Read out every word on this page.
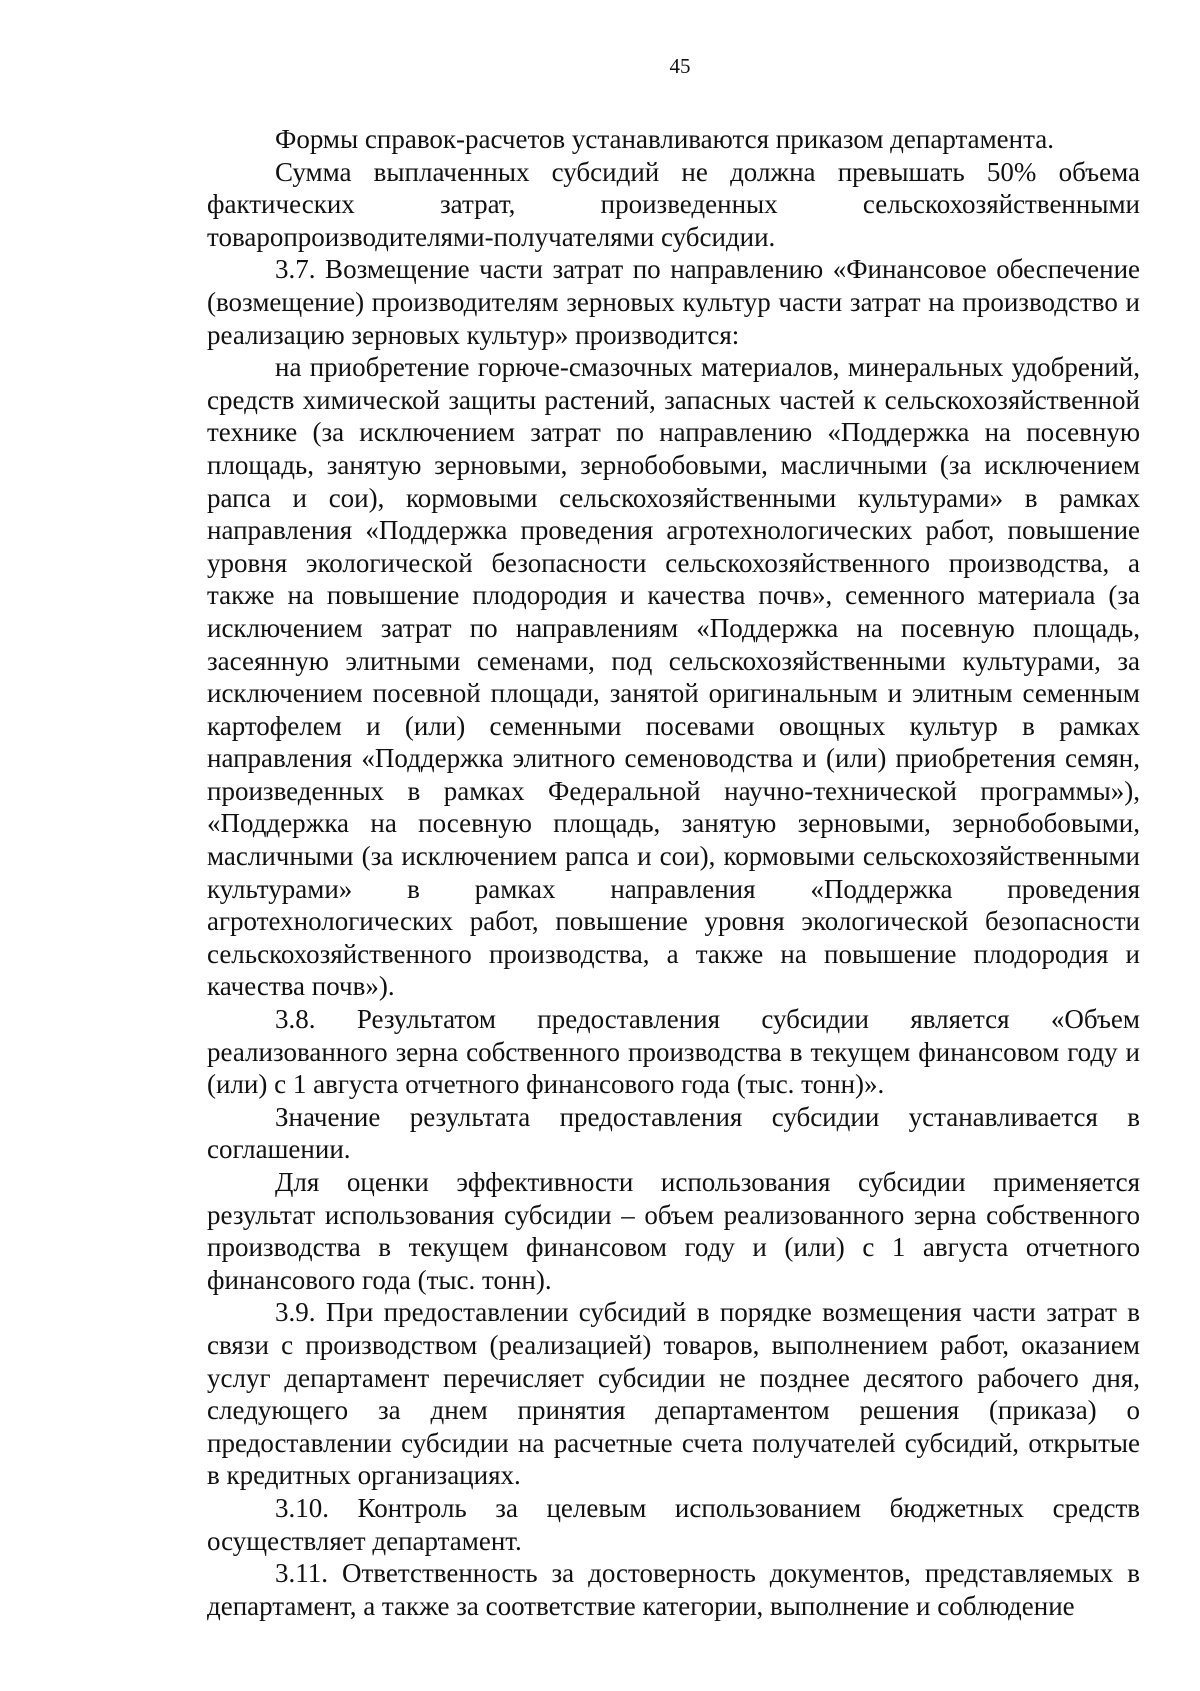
45

Формы справок-расчетов устанавливаются приказом департамента.

Сумма выплаченных субсидий не должна превышать 50% объема фактических затрат, произведенных сельскохозяйственными товаропроизводителями-получателями субсидии.

3.7. Возмещение части затрат по направлению «Финансовое обеспечение (возмещение) производителям зерновых культур части затрат на производство и реализацию зерновых культур» производится:

на приобретение горюче-смазочных материалов, минеральных удобрений, средств химической защиты растений, запасных частей к сельскохозяйственной технике (за исключением затрат по направлению «Поддержка на посевную площадь, занятую зерновыми, зернобобовыми, масличными (за исключением рапса и сои), кормовыми сельскохозяйственными культурами» в рамках направления «Поддержка проведения агротехнологических работ, повышение уровня экологической безопасности сельскохозяйственного производства, а также на повышение плодородия и качества почв», семенного материала (за исключением затрат по направлениям «Поддержка на посевную площадь, засеянную элитными семенами, под сельскохозяйственными культурами, за исключением посевной площади, занятой оригинальным и элитным семенным картофелем и (или) семенными посевами овощных культур в рамках направления «Поддержка элитного семеноводства и (или) приобретения семян, произведенных в рамках Федеральной научно-технической программы»), «Поддержка на посевную площадь, занятую зерновыми, зернобобовыми, масличными (за исключением рапса и сои), кормовыми сельскохозяйственными культурами» в рамках направления «Поддержка проведения агротехнологических работ, повышение уровня экологической безопасности сельскохозяйственного производства, а также на повышение плодородия и качества почв»).

3.8. Результатом предоставления субсидии является «Объем реализованного зерна собственного производства в текущем финансовом году и (или) с 1 августа отчетного финансового года (тыс. тонн)».

Значение результата предоставления субсидии устанавливается в соглашении.

Для оценки эффективности использования субсидии применяется результат использования субсидии – объем реализованного зерна собственного производства в текущем финансовом году и (или) с 1 августа отчетного финансового года (тыс. тонн).

3.9. При предоставлении субсидий в порядке возмещения части затрат в связи с производством (реализацией) товаров, выполнением работ, оказанием услуг департамент перечисляет субсидии не позднее десятого рабочего дня, следующего за днем принятия департаментом решения (приказа) о предоставлении субсидии на расчетные счета получателей субсидий, открытые в кредитных организациях.

3.10. Контроль за целевым использованием бюджетных средств осуществляет департамент.

3.11. Ответственность за достоверность документов, представляемых в департамент, а также за соответствие категории, выполнение и соблюдение
